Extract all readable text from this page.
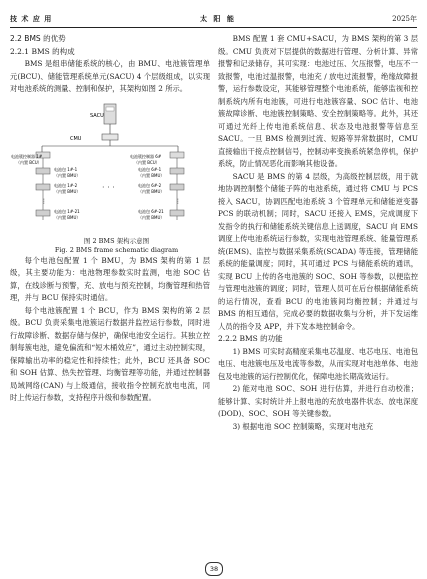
技 术 应 用	太 阳 能	2025年
2.2 BMS 的优势
2.2.1 BMS 的构成

BMS 是组串储能系统的核心，由 BMU、电池簇管理单元(BCU)、储能管理系统单元(SACU) 4 个层级组成，以实现对电池系统的测量、控制和保护，其架构如图 2 所示。

SACU
CMU
电池簇控制器 1#
（内置 BCU）
电池簇控制器 6#
（内置 BCU）
电池包 1#-1
（内置 BMU）
电池包 1#-2
（内置 BMU）
⋮
电池包 1#-21
（内置 BMU）
电池包 6#-1
（内置 BMU）
电池包 6#-2
（内置 BMU）
⋮
电池包 6#-21
（内置 BMU）
· · ·

图 2 BMS 架构示意图

Fig. 2 BMS frame schematic diagram

每个电池包配置 1 个 BMU，为 BMS 架构的第 1 层级，其主要功能为：电池物理参数实时监测，电池 SOC 估算，在线诊断与预警，充、放电与预充控制，均衡管理和热管理，并与 BCU 保持实时通信。

每个电池簇配置 1 个 BCU，作为 BMS 架构的第 2 层级。BCU 负责采集电池簇运行数据并监控运行参数，同时进行故障诊断、数据存储与保护，确保电池安全运行。其独立控制每簇电池，避免偏流和“短木桶效应”，通过主动控制实现，保障输出功率的稳定性和持续性；此外，BCU 还具备 SOC 和 SOH 估算、热失控管理、均衡管理等功能，并通过控制器局域网络(CAN) 与上级通信，接收指令控制充放电电流，同时上传运行参数，支持程序升级和参数配置。

BMS 配置 1 套 CMU+SACU，为 BMS 架构的第 3 层级。CMU 负责对下层提供的数据进行管理、分析计算、异常报警和记录储存，其可实现：电池过压、欠压报警，电压不一致报警，电池过温报警，电池充 / 放电过流报警，绝缘故障报警，运行参数设定，其能够管理整个电池系统，能够监视和控制系统内所有电池簇，可进行电池簇容量、SOC 估计、电池簇故障诊断、电池簇控制策略、安全控制策略等。此外，其还可通过光纤上传电池系统信息、状态及电池报警等信息至 SACU。一旦 BMS 检测到过流、短路等异常数据时，CMU 直接输出干接点控制信号，控制动率变换系统紧急停机，保护系统，防止情况恶化而影响其他设备。

SACU 是 BMS 的第 4 层级，为高级控制层级，用于就地协调控制整个储能子阵的电池系统，通过将 CMU 与 PCS 接入 SACU，协调匹配电池系统 3 个管理单元和储能逆变器 PCS 的联动机制；同时，SACU 还接入 EMS，完成调度下发指令的执行和储能系统关键信息上送调度，SACU 向 EMS 调度上传电池系统运行参数，实现电池管理系统、能量管理系统(EMS)、监控与数据采集系统(SCADA) 等连接，管理储能系统的能量调度；同时，其可通过 PCS 与储能系统的通讯，实现 BCU 上传的各电池簇的 SOC、SOH 等参数，以便监控与管理电池簇的调度；同时，管理人员可在后台根据储能系统的运行情况，查看 BCU 的电池簇间均衡控制；并通过与 BMS 的相互通信，完成必要的数据收集与分析，并下发运维人员的指令及 APP，并下发本地控制命令。

2.2.2 BMS 的功能

1) BMS 可实时高精度采集电芯温度、电芯电压、电池包电压、电池簇电压及电流等参数，从而实现对电池单体、电池包及电池簇的运行控制优化，保障电池长期高效运行。

2) 能对电池 SOC、SOH 进行估算，并进行自动校准；能够计算、实时统计并上报电池的充放电器件状态、放电深度(DOD)、SOC、SOH 等关键参数。

3) 根据电池 SOC 控制策略，实现对电池充

38
